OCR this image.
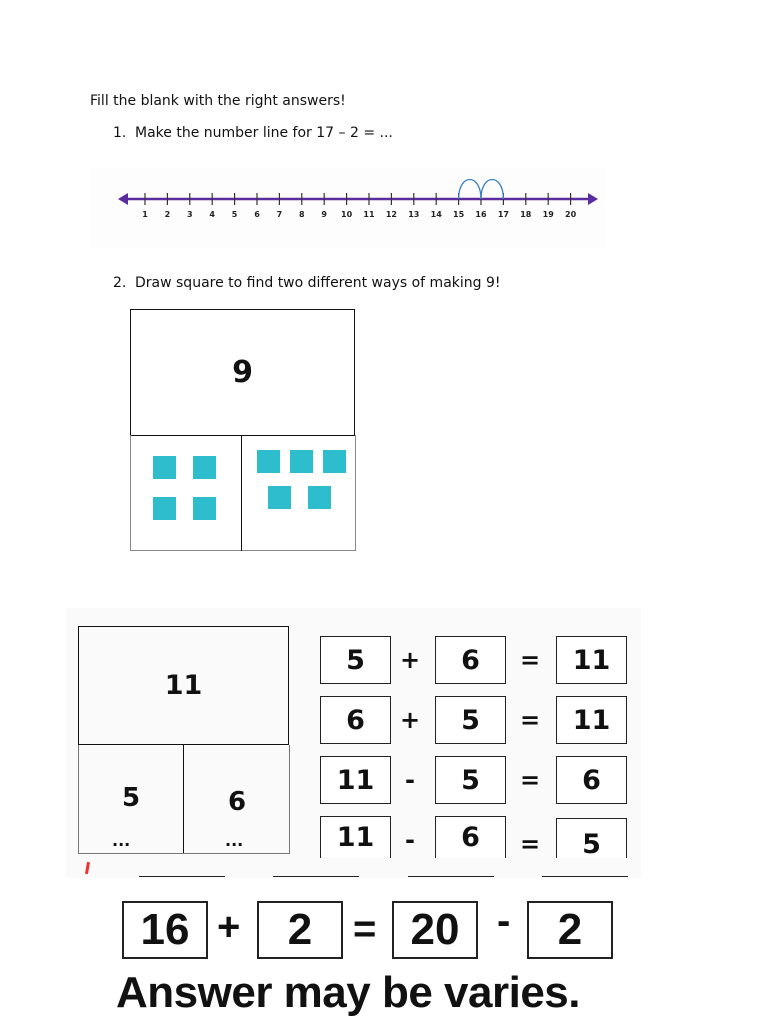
Fill the blank with the right answers!
1. Make the number line for 17 – 2 = ...
1 2 3 4 5 6 7 8 9 10 11 12 13 14 15 16 17 18 19 20
2. Draw square to find two different ways of making 9!
9
11
5	6
...	...
5	+	6	=	11
6	+	5	=	11
11	-	5	=	6
11	-	6	=	5
16 +	2	= 20 -	2
Answer may be varies.
